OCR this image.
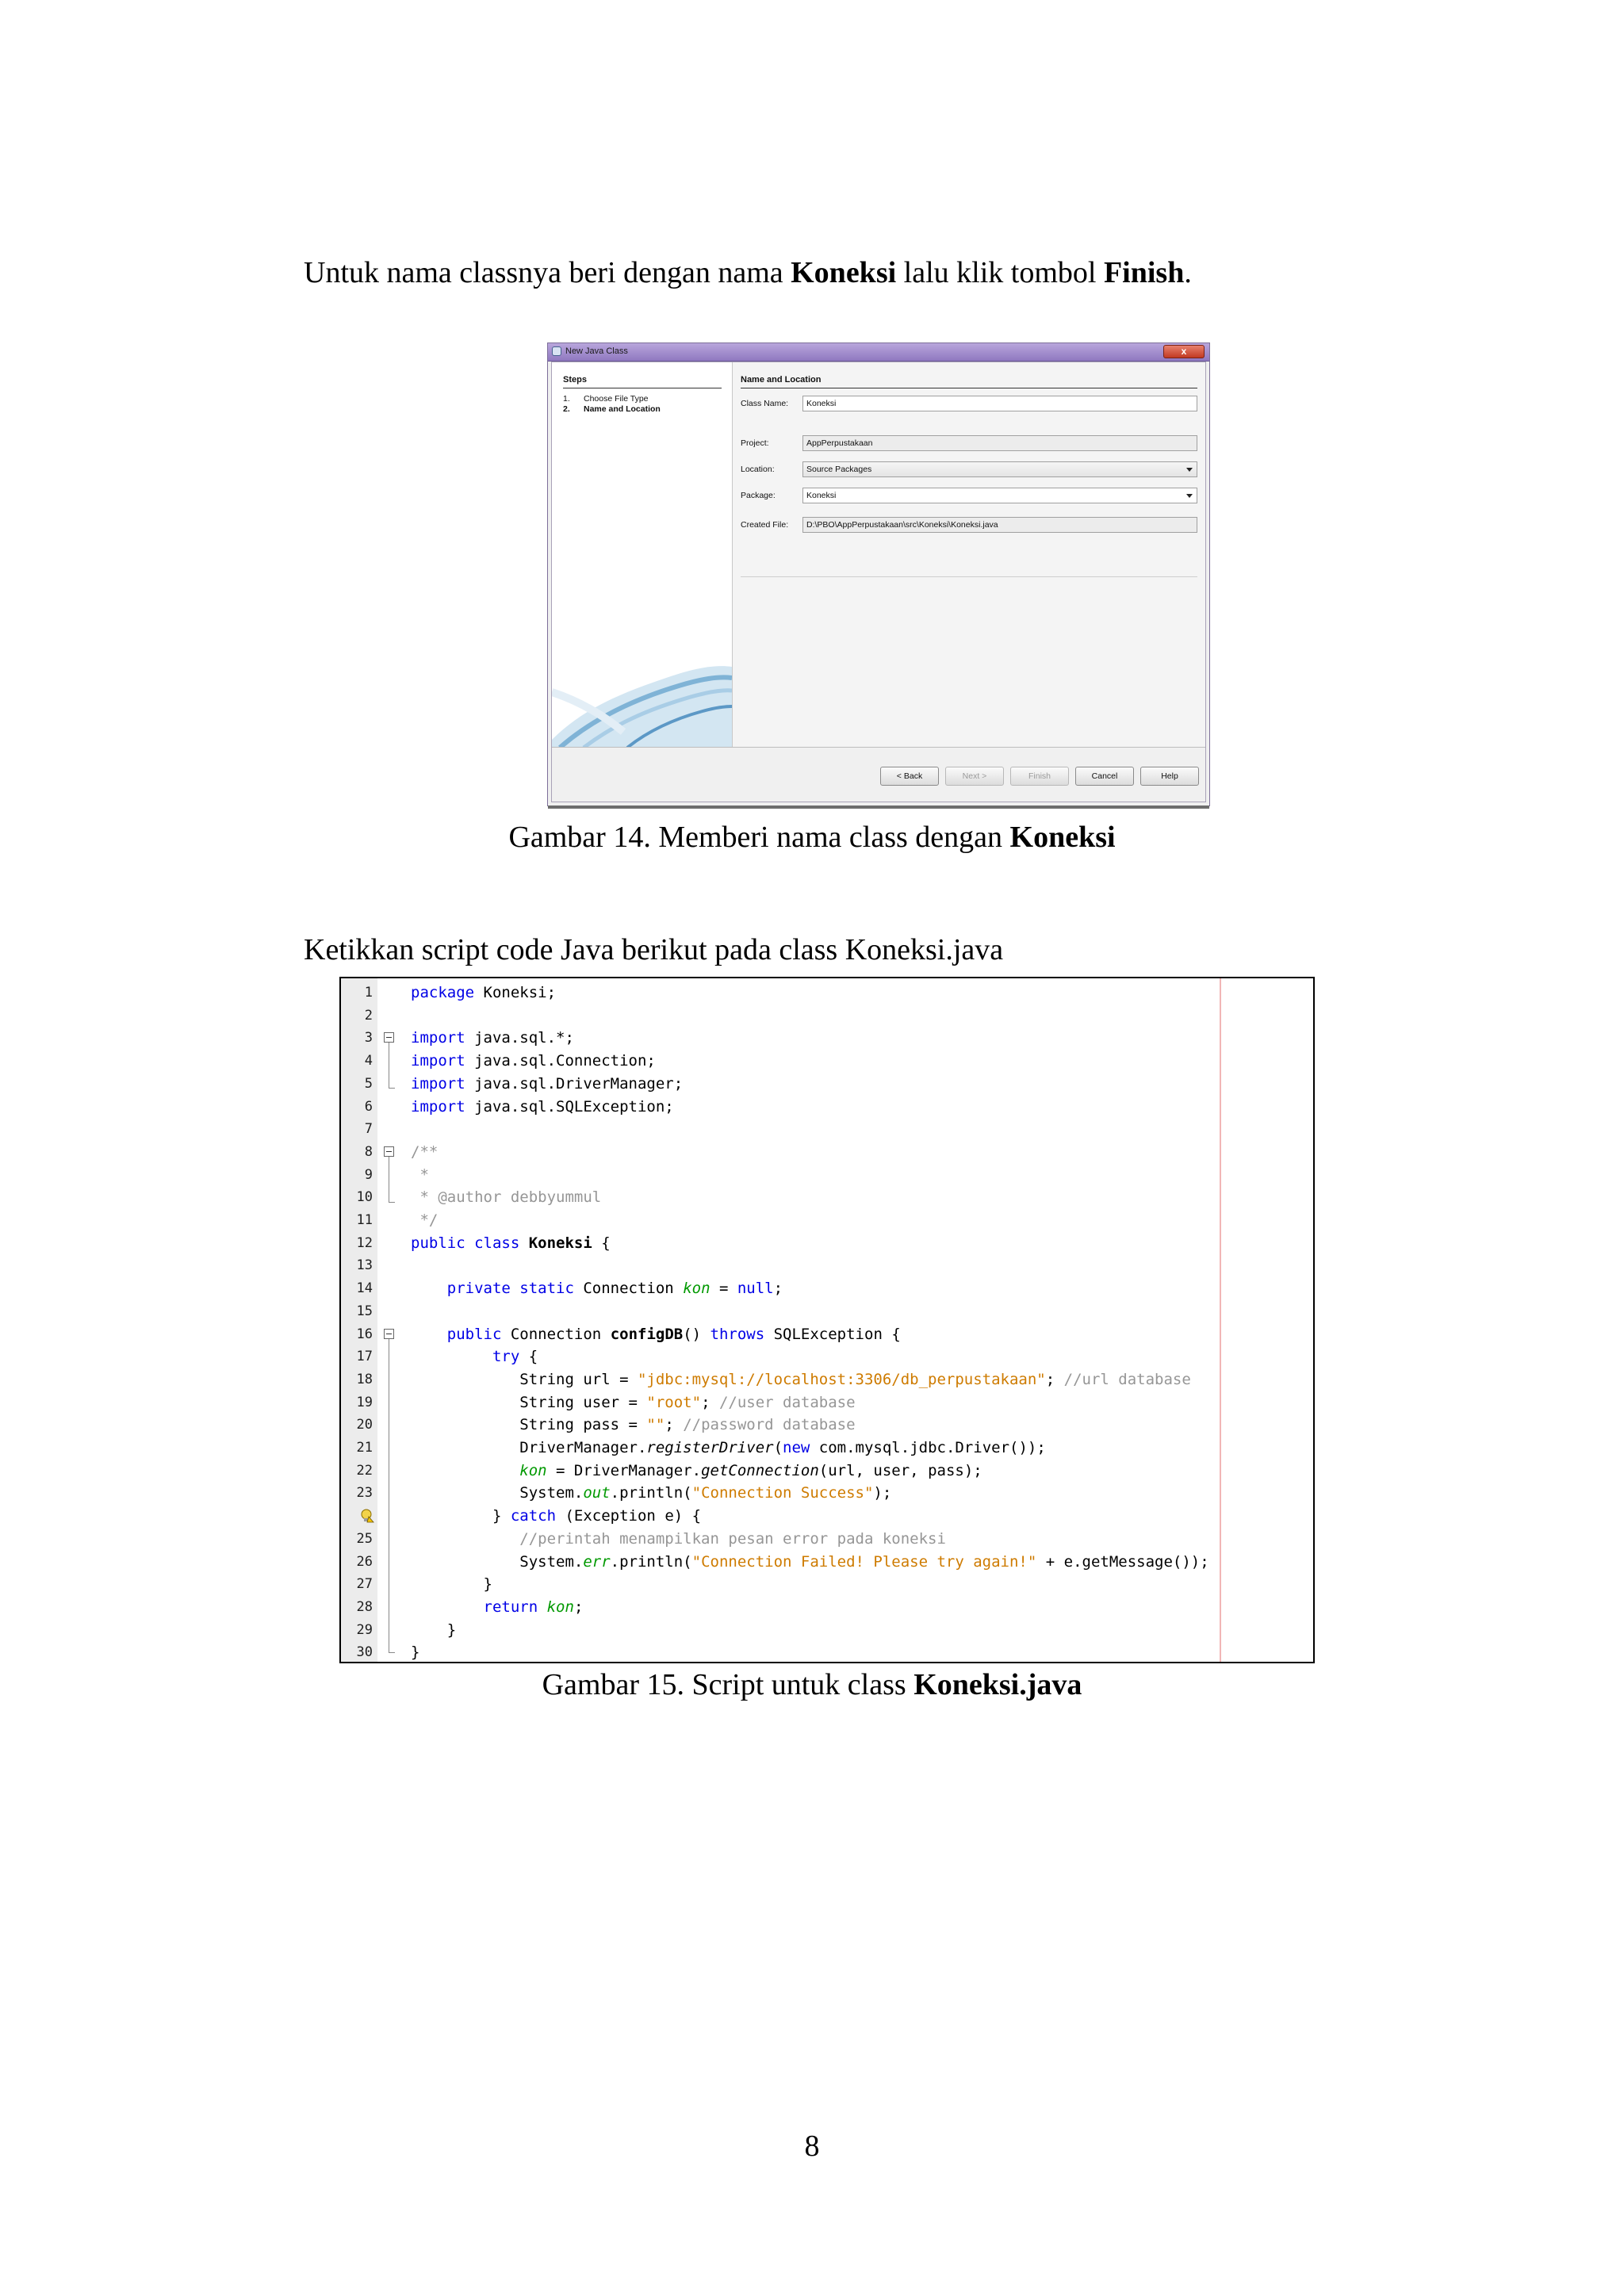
Untuk nama classnya beri dengan nama Koneksi lalu klik tombol Finish.
New Java Class	x
Steps
1. Choose File Type
2. Name and Location
Name and Location
Class Name:	Koneksi
Project:	AppPerpustakaan
Location:	Source Packages
Package:	Koneksi
Created File:	D:\PBO\AppPerpustakaan\src\Koneksi\Koneksi.java
< Back	Next >	Finish	Cancel	Help
Gambar 14. Memberi nama class dengan Koneksi
Ketikkan script code Java berikut pada class Koneksi.java
1	package Koneksi;
2
3	import java.sql.*;
4	import java.sql.Connection;
5	import java.sql.DriverManager;
6	import java.sql.SQLException;
7
8	/**
9	*
10	* @author debbyummul
11	*/
12	public class Koneksi {
13
14	private static Connection kon = null;
15
16	public Connection configDB() throws SQLException {
17	try {
18	String url = "jdbc:mysql://localhost:3306/db_perpustakaan"; //url database
19	String user = "root"; //user database
20	String pass = ""; //password database
21	DriverManager.registerDriver(new com.mysql.jdbc.Driver());
22	kon = DriverManager.getConnection(url, user, pass);
23	System.out.println("Connection Success");
} catch (Exception e) {
25	//perintah menampilkan pesan error pada koneksi
26	System.err.println("Connection Failed! Please try again!" + e.getMessage());
27	}
28	return kon;
29	}
30	}
Gambar 15. Script untuk class Koneksi.java
8
